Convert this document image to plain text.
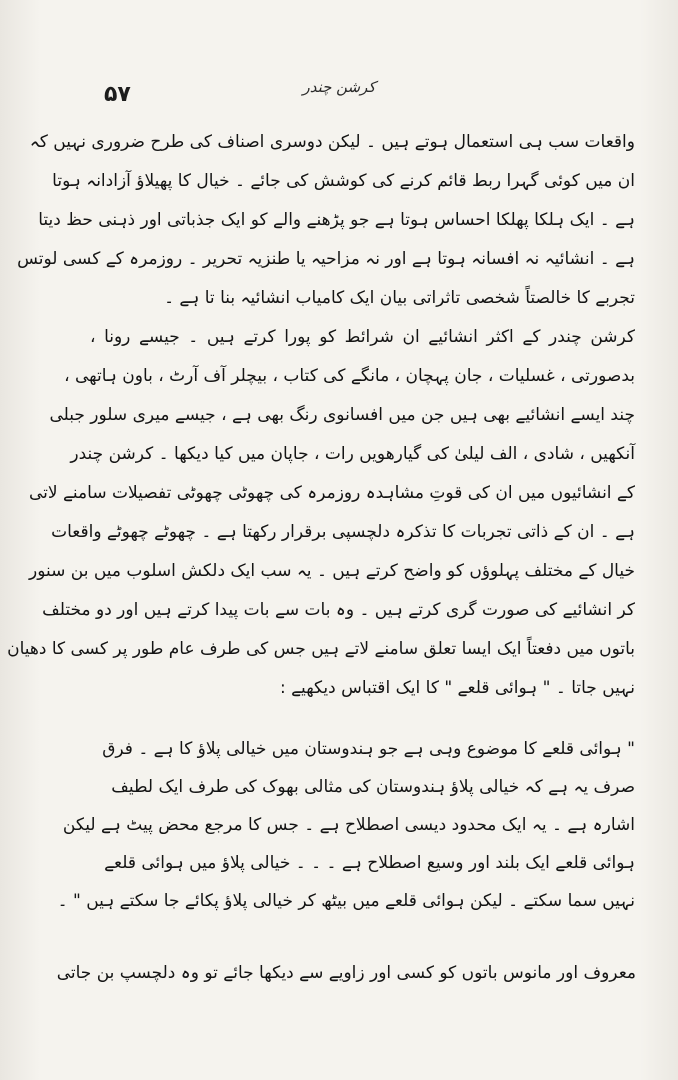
کرشن چندر
۵۷
واقعات سب ہی استعمال ہوتے ہیں ۔ لیکن دوسری اصناف کی طرح ضروری نہیں کہ
ان میں کوئی گہرا ربط قائم کرنے کی کوشش کی جائے ۔ خیال کا پھیلاؤ آزادانہ ہوتا
ہے ۔ ایک ہلکا پھلکا احساس ہوتا ہے جو پڑھنے والے کو ایک جذباتی اور ذہنی حظ دیتا
ہے ۔ انشائیہ نہ افسانہ ہوتا ہے اور نہ مزاحیہ یا طنزیہ تحریر ۔ روزمرہ کے کسی لوتس
تجربے کا خالصتاً شخصی تاثراتی بیان ایک کامیاب انشائیہ بنا تا ہے ۔
کرشن چندر کے اکثر انشائیے ان شرائط کو پورا کرتے ہیں ۔ جیسے رونا ،
بدصورتی ، غسلیات ، جان پہچان ، مانگے کی کتاب ، بیچلر آف آرٹ ، باون ہاتھی ،
چند ایسے انشائیے بھی ہیں جن میں افسانوی رنگ بھی ہے ، جیسے میری سلور جبلی
آنکھیں ، شادی ، الف لیلیٰ کی گیارھویں رات ، جاپان میں کیا دیکھا ۔ کرشن چندر
کے انشائیوں میں ان کی قوتِ مشاہدہ روزمرہ کی چھوٹی چھوٹی تفصیلات سامنے لاتی
ہے ۔ ان کے ذاتی تجربات کا تذکرہ دلچسپی برقرار رکھتا ہے ۔ چھوٹے چھوٹے واقعات
خیال کے مختلف پہلوؤں کو واضح کرتے ہیں ۔ یہ سب ایک دلکش اسلوب میں بن سنور
کر انشائیے کی صورت گری کرتے ہیں ۔ وہ بات سے بات پیدا کرتے ہیں اور دو مختلف
باتوں میں دفعتاً ایک ایسا تعلق سامنے لاتے ہیں جس کی طرف عام طور پر کسی کا دھیان
نہیں جاتا ۔ " ہوائی قلعے " کا ایک اقتباس دیکھیے :
" ہوائی قلعے کا موضوع وہی ہے جو ہندوستان میں خیالی پلاؤ کا ہے ۔ فرق
صرف یہ ہے کہ خیالی پلاؤ ہندوستان کی مثالی بھوک کی طرف ایک لطیف
اشارہ ہے ۔ یہ ایک محدود دیسی اصطلاح ہے ۔ جس کا مرجع محض پیٹ ہے لیکن
ہوائی قلعے ایک بلند اور وسیع اصطلاح ہے ۔ ۔ ۔ خیالی پلاؤ میں ہوائی قلعے
نہیں سما سکتے ۔ لیکن ہوائی قلعے میں بیٹھ کر خیالی پلاؤ پکائے جا سکتے ہیں " ۔
معروف اور مانوس باتوں کو کسی اور زاویے سے دیکھا جائے تو وہ دلچسپ بن جاتی
